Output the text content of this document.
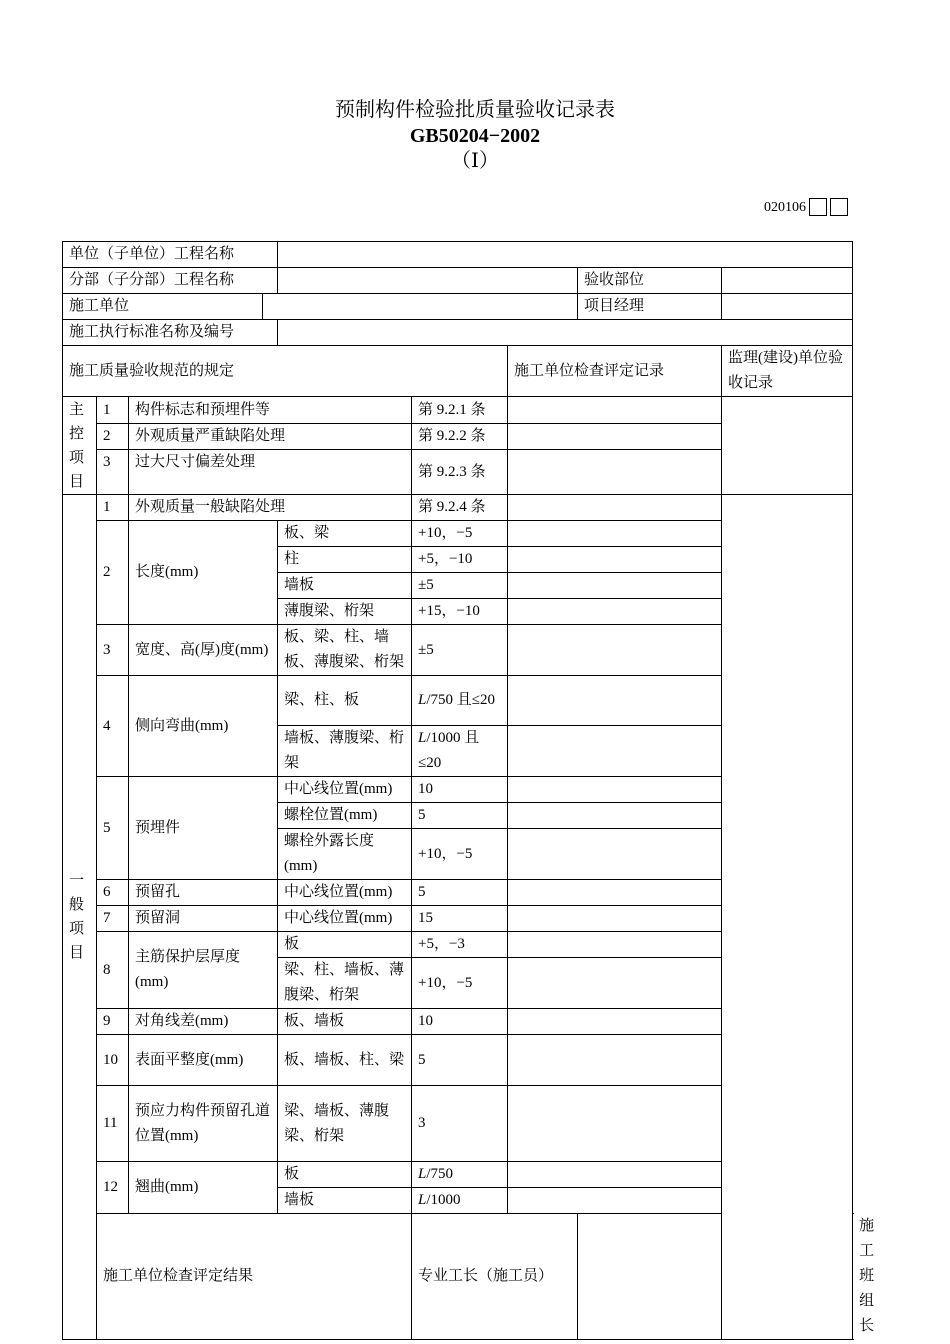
预制构件检验批质量验收记录表
GB50204−2002
（Ⅰ）
020106
单位（子单位）工程名称									
分部（子分部）工程名称							验收部位		
施工单位							项目经理		
施工执行标准名称及编号									
施工质量验收规范的规定						施工单位检查评定记录		监理(建设)单位验收记录	

主
控
项
目	1	构件标志和预埋件等			第 9.2.1 条				
	2	外观质量严重缺陷处理			第 9.2.2 条				
	3	过大尺寸偏差处理			第 9.2.3 条				

一
般
项
目	1	外观质量一般缺陷处理			第 9.2.4 条				
	2	长度(mm)		板、梁	+10，−5				
				柱	+5，−10				
				墙板	±5				
				薄腹梁、桁架	+15，−10				
	3	宽度、高(厚)度(mm)		板、梁、柱、墙板、薄腹梁、桁架	±5				
	4	侧向弯曲(mm)		梁、柱、板	L/750 且≤20				
				墙板、薄腹梁、桁架	L/1000 且≤20				
	5	预埋件		中心线位置(mm)	10				
				螺栓位置(mm)	5				
				螺栓外露长度(mm)	+10，−5				
	6	预留孔		中心线位置(mm)	5				
	7	预留洞		中心线位置(mm)	15				
	8	主筋保护层厚度(mm)		板	+5，−3				
				梁、柱、墙板、薄腹梁、桁架	+10，−5				
	9	对角线差(mm)		板、墙板	10				
	10	表面平整度(mm)		板、墙板、柱、梁	5				
	11	预应力构件预留孔道位置(mm)		梁、墙板、薄腹梁、桁架	3				
	12	翘曲(mm)		板	L/750				
				墙板	L/1000				
	施工单位检查评定结果				专业工长（施工员）				施工班组长	
